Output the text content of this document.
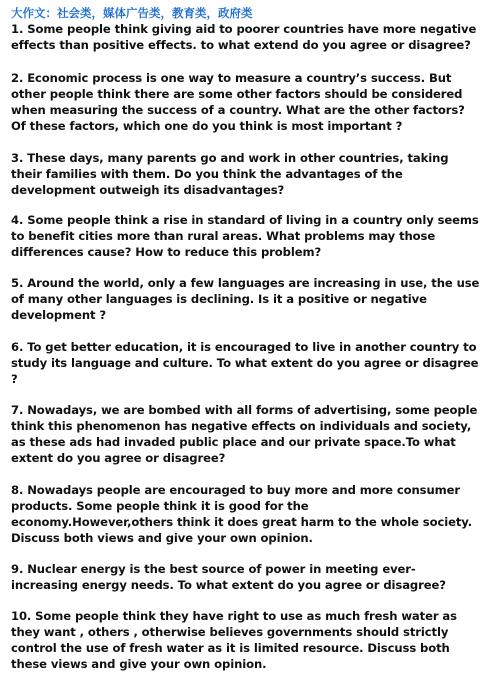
大作文：社会类，媒体广告类，教育类，政府类
1. Some people think giving aid to poorer countries have more negative
effects than positive effects. to what extend do you agree or disagree?
2. Economic process is one way to measure a country’s success. But
other people think there are some other factors should be considered
when measuring the success of a country. What are the other factors?
Of these factors, which one do you think is most important ?
3. These days, many parents go and work in other countries, taking
their families with them. Do you think the advantages of the
development outweigh its disadvantages?
4. Some people think a rise in standard of living in a country only seems
to benefit cities more than rural areas. What problems may those
differences cause? How to reduce this problem?
5. Around the world, only a few languages are increasing in use, the use
of many other languages is declining. Is it a positive or negative
development ?
6. To get better education, it is encouraged to live in another country to
study its language and culture. To what extent do you agree or disagree
?
7. Nowadays, we are bombed with all forms of advertising, some people
think this phenomenon has negative effects on individuals and society,
as these ads had invaded public place and our private space.To what
extent do you agree or disagree?
8. Nowadays people are encouraged to buy more and more consumer
products. Some people think it is good for the
economy.However,others think it does great harm to the whole society.
Discuss both views and give your own opinion.
9. Nuclear energy is the best source of power in meeting ever-
increasing energy needs. To what extent do you agree or disagree?
10. Some people think they have right to use as much fresh water as
they want , others , otherwise believes governments should strictly
control the use of fresh water as it is limited resource. Discuss both
these views and give your own opinion.
